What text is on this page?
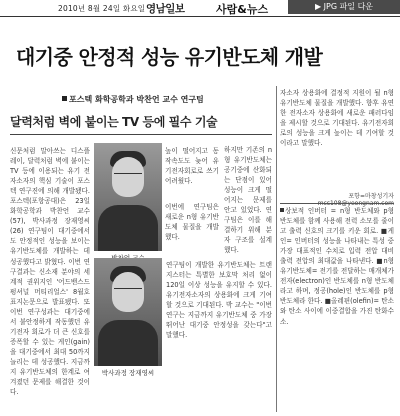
2010년 8월 24일 화요일 영남일보	사람&뉴스	▶ JPG 파일 다운
대기중 안정적 성능 유기반도체 개발
포스텍 화학공학과 박찬언 교수 연구팀
달력처럼 벽에 붙이는 TV 등에 필수 기술
신문처럼 말아쓰는 디스플레이, 달력처럼 벽에 붙이는 TV 등에 이용되는 유기 전자소자의 핵심 기술이 포스텍 연구진에 의해 개발됐다. 포스텍(포항공대)은 23일 화학공학과 박찬언 교수(57), 박사과정 장재영씨(26) 연구팀이 대기중에서도 안정적인 성능을 보이는 유기반도체를 개발하는 데 성공했다고 밝혔다. 이번 연구결과는 신소재 분야의 세계적 권위지인 '어드밴스드 펑셔널 머티리얼스' 8월호 표지논문으로 발표됐다. 또 이번 연구성과는 대기중에서 불안정하게 작동했던 유기전자 회로가 더 큰 신호를 증폭할 수 있는 게인(gain)을 대기중에서 최대 50까지 늘리는 데 성공했다. 지금까지 유기반도체의 한계로 여겨졌던 문제를 해결한 것이다.
박사과정 장재영씨
높이 떨어지고 동작속도도 늦어 유기전자회로로 쓰기 어려웠다.
이번에 연구팀은 새로운 n형 유기반도체 물질을 개발했다.
하지만 기존의 n형 유기반도체는 공기중에 산화되는 단점이 있어 성능이 크게 떨어지는 문제를 안고 있었다. 연구팀은 이를 해결하기 위해 분자 구조를 설계했다.
연구팀이 개발한 유기반도체는 트랜지스터는 특별한 보호막 처리 없이 120일 이상 성능을 유지할 수 있다. 유기전자소자의 상용화에 크게 기여할 것으로 기대된다. 박 교수는 "이번 연구는 지금까지 유기반도체 중 가장 뛰어난 대기중 안정성을 갖는다"고 말했다.
자소자 상용화에 결정적 지원이 될 n형 유기반도체 물질을 개발했다. 향후 유연한 전자소자 상용화에 새로운 패러다임을 제시할 것으로 기대된다. 유기전자회로의 성능을 크게 높이는 데 기여할 것이라고 말했다.
포항=마창성기자
상보적 인버터 = n형 반도체와 p형 반도체를 함께 사용해 전력 소모를 줄이고 출력 신호의 크기를 키운 회로. ■게인= 인버터의 성능을 나타내는 특성 중 가장 대표적인 수치로 입력 전압 대비 출력 전압의 최대값을 나타낸다. ■n형 유기반도체= 전기를 전달하는 매개체가 전자(electron)인 반도체를 n형 반도체라고 하며, 정공(hole)인 반도체를 p형 반도체라 한다. ■올레핀(olefin)= 탄소와 탄소 사이에 이중결합을 가진 탄화수소.
